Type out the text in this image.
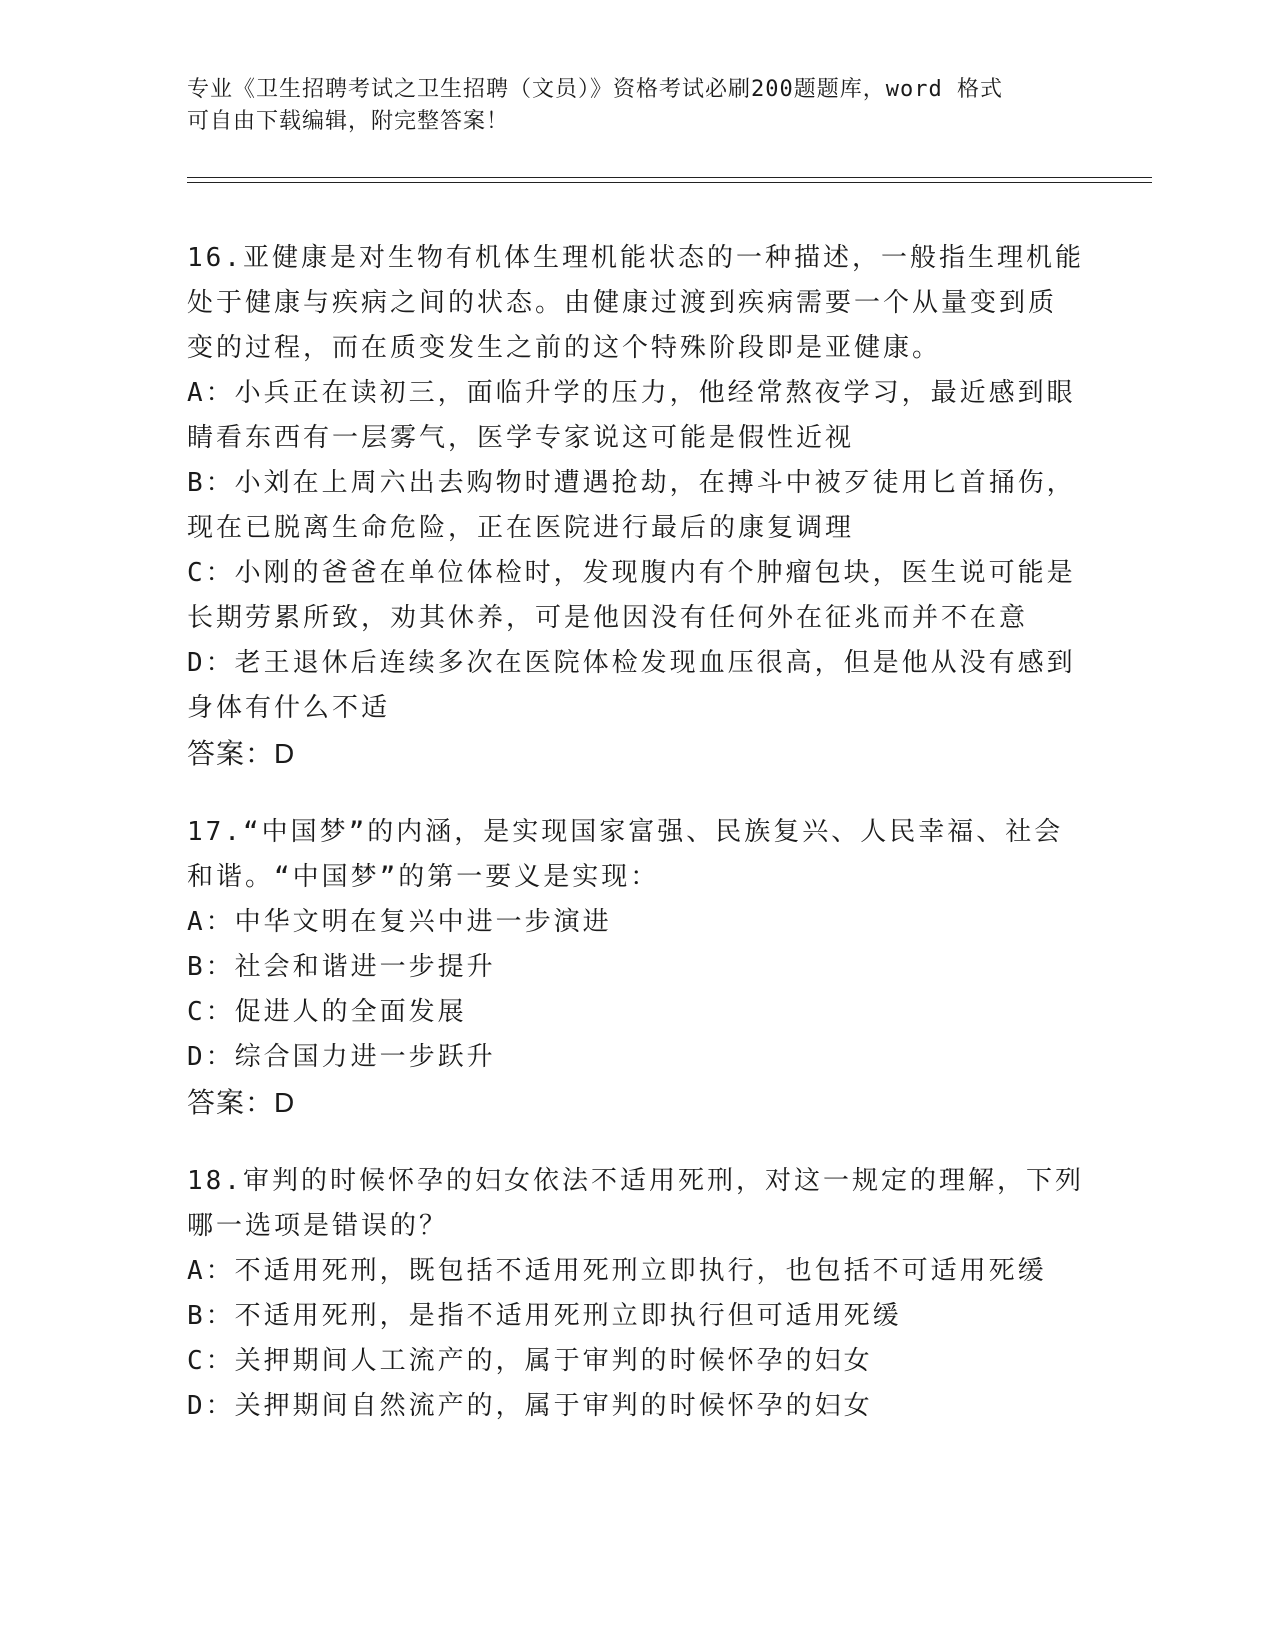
专业《卫生招聘考试之卫生招聘（文员）》资格考试必刷200题题库，word 格式
可自由下载编辑，附完整答案！
16.亚健康是对生物有机体生理机能状态的一种描述，一般指生理机能
处于健康与疾病之间的状态。由健康过渡到疾病需要一个从量变到质
变的过程，而在质变发生之前的这个特殊阶段即是亚健康。
A：小兵正在读初三，面临升学的压力，他经常熬夜学习，最近感到眼
睛看东西有一层雾气，医学专家说这可能是假性近视
B：小刘在上周六出去购物时遭遇抢劫，在搏斗中被歹徒用匕首捅伤，
现在已脱离生命危险，正在医院进行最后的康复调理
C：小刚的爸爸在单位体检时，发现腹内有个肿瘤包块，医生说可能是
长期劳累所致，劝其休养，可是他因没有任何外在征兆而并不在意
D：老王退休后连续多次在医院体检发现血压很高，但是他从没有感到
身体有什么不适
答案：D
17.“中国梦”的内涵，是实现国家富强、民族复兴、人民幸福、社会
和谐。“中国梦”的第一要义是实现：
A：中华文明在复兴中进一步演进
B：社会和谐进一步提升
C：促进人的全面发展
D：综合国力进一步跃升
答案：D
18.审判的时候怀孕的妇女依法不适用死刑，对这一规定的理解，下列
哪一选项是错误的？
A：不适用死刑，既包括不适用死刑立即执行，也包括不可适用死缓
B：不适用死刑，是指不适用死刑立即执行但可适用死缓
C：关押期间人工流产的，属于审判的时候怀孕的妇女
D：关押期间自然流产的，属于审判的时候怀孕的妇女
